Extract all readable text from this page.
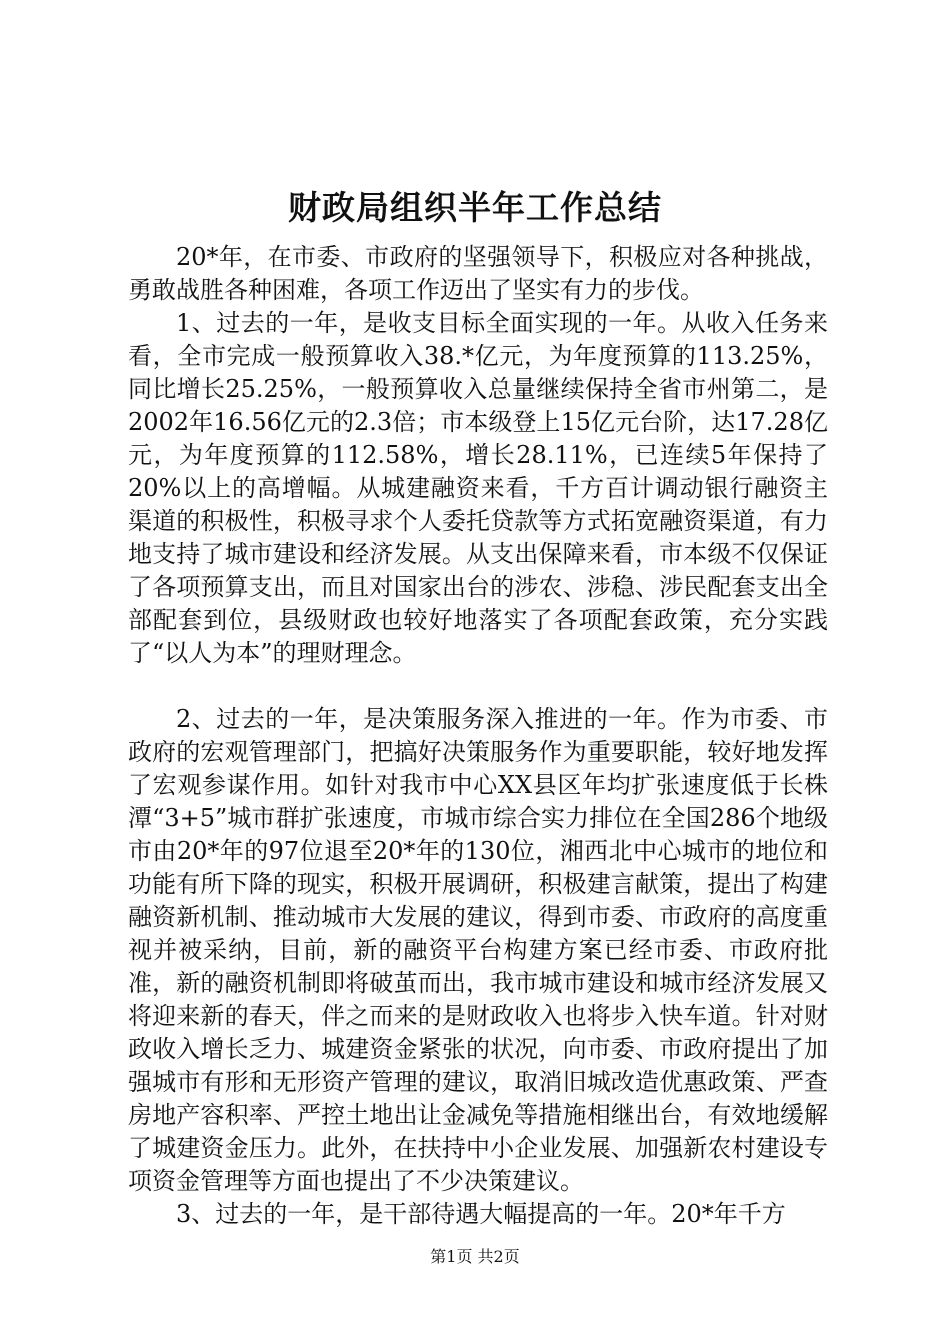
财政局组织半年工作总结

20*年，在市委、市政府的坚强领导下，积极应对各种挑战，勇敢战胜各种困难，各项工作迈出了坚实有力的步伐。

1、过去的一年，是收支目标全面实现的一年。从收入任务来看，全市完成一般预算收入38.*亿元，为年度预算的113.25%，同比增长25.25%，一般预算收入总量继续保持全省市州第二，是2002年16.56亿元的2.3倍；市本级登上15亿元台阶，达17.28亿元，为年度预算的112.58%，增长28.11%，已连续5年保持了20%以上的高增幅。从城建融资来看，千方百计调动银行融资主渠道的积极性，积极寻求个人委托贷款等方式拓宽融资渠道，有力地支持了城市建设和经济发展。从支出保障来看，市本级不仅保证了各项预算支出，而且对国家出台的涉农、涉稳、涉民配套支出全部配套到位，县级财政也较好地落实了各项配套政策，充分实践了“以人为本”的理财理念。

2、过去的一年，是决策服务深入推进的一年。作为市委、市政府的宏观管理部门，把搞好决策服务作为重要职能，较好地发挥了宏观参谋作用。如针对我市中心XX县区年均扩张速度低于长株潭“3+5”城市群扩张速度，市城市综合实力排位在全国286个地级市由20*年的97位退至20*年的130位，湘西北中心城市的地位和功能有所下降的现实，积极开展调研，积极建言献策，提出了构建融资新机制、推动城市大发展的建议，得到市委、市政府的高度重视并被采纳，目前，新的融资平台构建方案已经市委、市政府批准，新的融资机制即将破茧而出，我市城市建设和城市经济发展又将迎来新的春天，伴之而来的是财政收入也将步入快车道。针对财政收入增长乏力、城建资金紧张的状况，向市委、市政府提出了加强城市有形和无形资产管理的建议，取消旧城改造优惠政策、严查房地产容积率、严控土地出让金减免等措施相继出台，有效地缓解了城建资金压力。此外，在扶持中小企业发展、加强新农村建设专项资金管理等方面也提出了不少决策建议。

3、过去的一年，是干部待遇大幅提高的一年。20*年千方

第1页 共2页
